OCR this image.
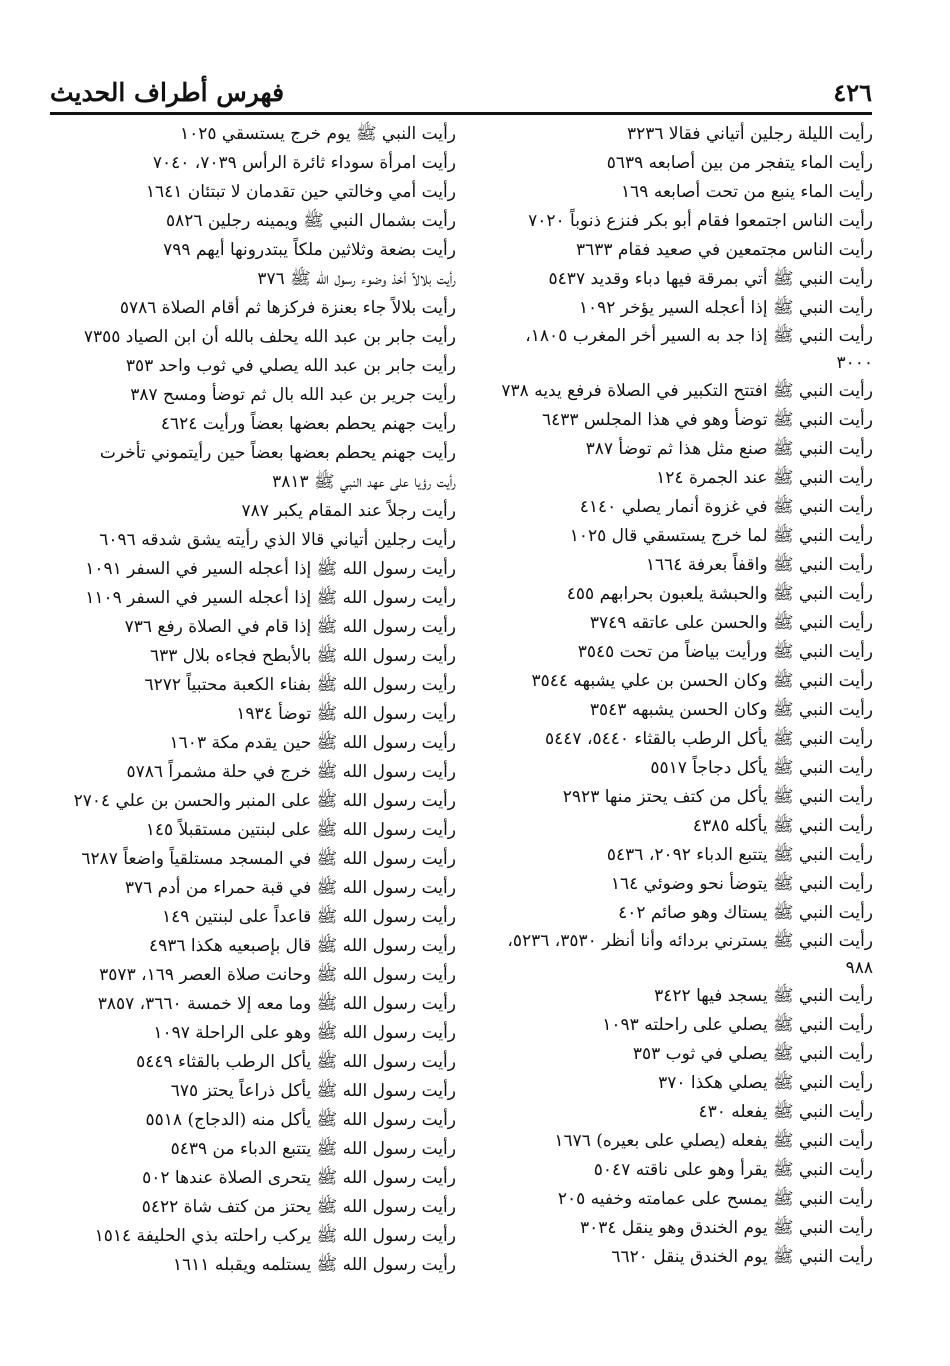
٤٢٦
فهرس أطراف الحديث
رأيت الليلة رجلين أتياني فقالا ٣٢٣٦
رأيت الماء يتفجر من بين أصابعه ٥٦٣٩
رأيت الماء ينبع من تحت أصابعه ١٦٩
رأيت الناس اجتمعوا فقام أبو بكر فنزع ذنوباً ٧٠٢٠
رأيت الناس مجتمعين في صعيد فقام ٣٦٣٣
رأيت النبي ﷺ أتي بمرقة فيها دباء وقديد ٥٤٣٧
رأيت النبي ﷺ إذا أعجله السير يؤخر ١٠٩٢
رأيت النبي ﷺ إذا جد به السير أخر المغرب ١٨٠٥، ٣٠٠٠
رأيت النبي ﷺ افتتح التكبير في الصلاة فرفع يديه ٧٣٨
رأيت النبي ﷺ توضأ وهو في هذا المجلس ٦٤٣٣
رأيت النبي ﷺ صنع مثل هذا ثم توضأ ٣٨٧
رأيت النبي ﷺ عند الجمرة ١٢٤
رأيت النبي ﷺ في غزوة أنمار يصلي ٤١٤٠
رأيت النبي ﷺ لما خرج يستسقي قال ١٠٢٥
رأيت النبي ﷺ واقفاً بعرفة ١٦٦٤
رأيت النبي ﷺ والحبشة يلعبون بحرابهم ٤٥٥
رأيت النبي ﷺ والحسن على عاتقه ٣٧٤٩
رأيت النبي ﷺ ورأيت بياضاً من تحت ٣٥٤٥
رأيت النبي ﷺ وكان الحسن بن علي يشبهه ٣٥٤٤
رأيت النبي ﷺ وكان الحسن يشبهه ٣٥٤٣
رأيت النبي ﷺ يأكل الرطب بالقثاء ٥٤٤٠، ٥٤٤٧
رأيت النبي ﷺ يأكل دجاجاً ٥٥١٧
رأيت النبي ﷺ يأكل من كتف يحتز منها ٢٩٢٣
رأيت النبي ﷺ يأكله ٤٣٨٥
رأيت النبي ﷺ يتتبع الدباء ٢٠٩٢، ٥٤٣٦
رأيت النبي ﷺ يتوضأ نحو وضوئي ١٦٤
رأيت النبي ﷺ يستاك وهو صائم ٤٠٢
رأيت النبي ﷺ يسترني بردائه وأنا أنظر ٣٥٣٠، ٥٢٣٦، ٩٨٨
رأيت النبي ﷺ يسجد فيها ٣٤٢٢
رأيت النبي ﷺ يصلي على راحلته ١٠٩٣
رأيت النبي ﷺ يصلي في ثوب ٣٥٣
رأيت النبي ﷺ يصلي هكذا ٣٧٠
رأيت النبي ﷺ يفعله ٤٣٠
رأيت النبي ﷺ يفعله (يصلي على بعيره) ١٦٧٦
رأيت النبي ﷺ يقرأ وهو على ناقته ٥٠٤٧
رأيت النبي ﷺ يمسح على عمامته وخفيه ٢٠٥
رأيت النبي ﷺ يوم الخندق وهو ينقل ٣٠٣٤
رأيت النبي ﷺ يوم الخندق ينقل ٦٦٢٠
رأيت النبي ﷺ يوم خرج يستسقي ١٠٢٥
رأيت امرأة سوداء ثائرة الرأس ٧٠٣٩، ٧٠٤٠
رأيت أمي وخالتي حين تقدمان لا تبتئان ١٦٤١
رأيت بشمال النبي ﷺ ويمينه رجلين ٥٨٢٦
رأيت بضعة وثلاثين ملكاً يبتدرونها أيهم ٧٩٩
رأيت بلالاً أخذ وضوء رسول الله ﷺ ٣٧٦
رأيت بلالاً جاء بعنزة فركزها ثم أقام الصلاة ٥٧٨٦
رأيت جابر بن عبد الله يحلف بالله أن ابن الصياد ٧٣٥٥
رأيت جابر بن عبد الله يصلي في ثوب واحد ٣٥٣
رأيت جرير بن عبد الله بال ثم توضأ ومسح ٣٨٧
رأيت جهنم يحطم بعضها بعضاً ورأيت ٤٦٢٤
رأيت جهنم يحطم بعضها بعضاً حين رأيتموني تأخرت
رأيت رؤيا على عهد النبي ﷺ ٣٨١٣
رأيت رجلاً عند المقام يكبر ٧٨٧
رأيت رجلين أتياني قالا الذي رأيته يشق شدقه ٦٠٩٦
رأيت رسول الله ﷺ إذا أعجله السير في السفر ١٠٩١
رأيت رسول الله ﷺ إذا أعجله السير في السفر ١١٠٩
رأيت رسول الله ﷺ إذا قام في الصلاة رفع ٧٣٦
رأيت رسول الله ﷺ بالأبطح فجاءه بلال ٦٣٣
رأيت رسول الله ﷺ بفناء الكعبة محتبياً ٦٢٧٢
رأيت رسول الله ﷺ توضأ ١٩٣٤
رأيت رسول الله ﷺ حين يقدم مكة ١٦٠٣
رأيت رسول الله ﷺ خرج في حلة مشمراً ٥٧٨٦
رأيت رسول الله ﷺ على المنبر والحسن بن علي ٢٧٠٤
رأيت رسول الله ﷺ على لبنتين مستقبلاً ١٤٥
رأيت رسول الله ﷺ في المسجد مستلقياً واضعاً ٦٢٨٧
رأيت رسول الله ﷺ في قبة حمراء من أدم ٣٧٦
رأيت رسول الله ﷺ قاعداً على لبنتين ١٤٩
رأيت رسول الله ﷺ قال بإصبعيه هكذا ٤٩٣٦
رأيت رسول الله ﷺ وحانت صلاة العصر ١٦٩، ٣٥٧٣
رأيت رسول الله ﷺ وما معه إلا خمسة ٣٦٦٠، ٣٨٥٧
رأيت رسول الله ﷺ وهو على الراحلة ١٠٩٧
رأيت رسول الله ﷺ يأكل الرطب بالقثاء ٥٤٤٩
رأيت رسول الله ﷺ يأكل ذراعاً يحتز ٦٧٥
رأيت رسول الله ﷺ يأكل منه (الدجاج) ٥٥١٨
رأيت رسول الله ﷺ يتتبع الدباء من ٥٤٣٩
رأيت رسول الله ﷺ يتحرى الصلاة عندها ٥٠٢
رأيت رسول الله ﷺ يحتز من كتف شاة ٥٤٢٢
رأيت رسول الله ﷺ يركب راحلته بذي الحليفة ١٥١٤
رأيت رسول الله ﷺ يستلمه ويقبله ١٦١١
